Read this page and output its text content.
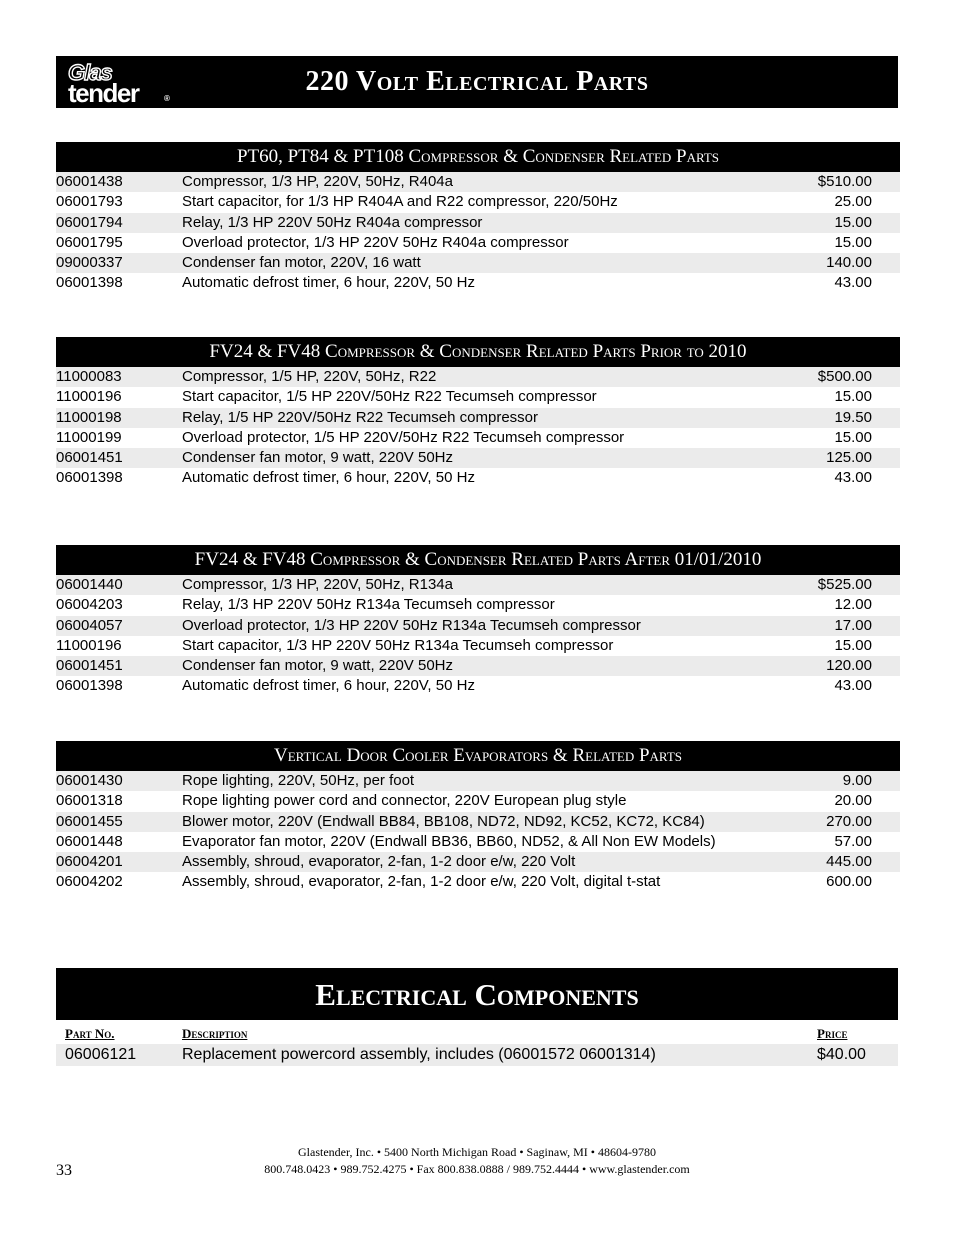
Glas
tender	®
220 Volt Electrical Parts
PT60, PT84 & PT108 Compressor & Condenser Related Parts
06001438	Compressor, 1/3 HP, 220V, 50Hz, R404a	$510.00
06001793	Start capacitor, for 1/3 HP R404A and R22 compressor, 220/50Hz	25.00
06001794	Relay, 1/3 HP 220V 50Hz R404a compressor	15.00
06001795	Overload protector, 1/3 HP 220V 50Hz R404a compressor	15.00
09000337	Condenser fan motor, 220V, 16 watt	140.00
06001398	Automatic defrost timer, 6 hour, 220V, 50 Hz	43.00
FV24 & FV48 Compressor & Condenser Related Parts Prior to 2010
11000083	Compressor, 1/5 HP, 220V, 50Hz, R22	$500.00
11000196	Start capacitor, 1/5 HP 220V/50Hz R22 Tecumseh compressor	15.00
11000198	Relay, 1/5 HP 220V/50Hz R22 Tecumseh compressor	19.50
11000199	Overload protector, 1/5 HP 220V/50Hz R22 Tecumseh compressor	15.00
06001451	Condenser fan motor, 9 watt, 220V 50Hz	125.00
06001398	Automatic defrost timer, 6 hour, 220V, 50 Hz	43.00
FV24 & FV48 Compressor & Condenser Related Parts After 01/01/2010
06001440	Compressor, 1/3 HP, 220V, 50Hz, R134a	$525.00
06004203	Relay, 1/3 HP 220V 50Hz R134a Tecumseh compressor	12.00
06004057	Overload protector, 1/3 HP 220V 50Hz R134a Tecumseh compressor	17.00
11000196	Start capacitor, 1/3 HP 220V 50Hz R134a Tecumseh compressor	15.00
06001451	Condenser fan motor, 9 watt, 220V 50Hz	120.00
06001398	Automatic defrost timer, 6 hour, 220V, 50 Hz	43.00
Vertical Door Cooler Evaporators & Related Parts
06001430	Rope lighting, 220V, 50Hz, per foot	9.00
06001318	Rope lighting power cord and connector, 220V European plug style	20.00
06001455	Blower motor, 220V (Endwall BB84, BB108, ND72, ND92, KC52, KC72, KC84)	270.00
06001448	Evaporator fan motor, 220V (Endwall BB36, BB60, ND52, & All Non EW Models)	57.00
06004201	Assembly, shroud, evaporator, 2-fan, 1-2 door e/w, 220 Volt	445.00
06004202	Assembly, shroud, evaporator, 2-fan, 1-2 door e/w, 220 Volt, digital t-stat	600.00
Electrical Components
Part No.	Description	Price
06006121	Replacement powercord assembly, includes (06001572 06001314)	$40.00
Glastender, Inc. • 5400 North Michigan Road • Saginaw, MI • 48604-9780
800.748.0423 • 989.752.4275 • Fax 800.838.0888 / 989.752.4444 • www.glastender.com
33
